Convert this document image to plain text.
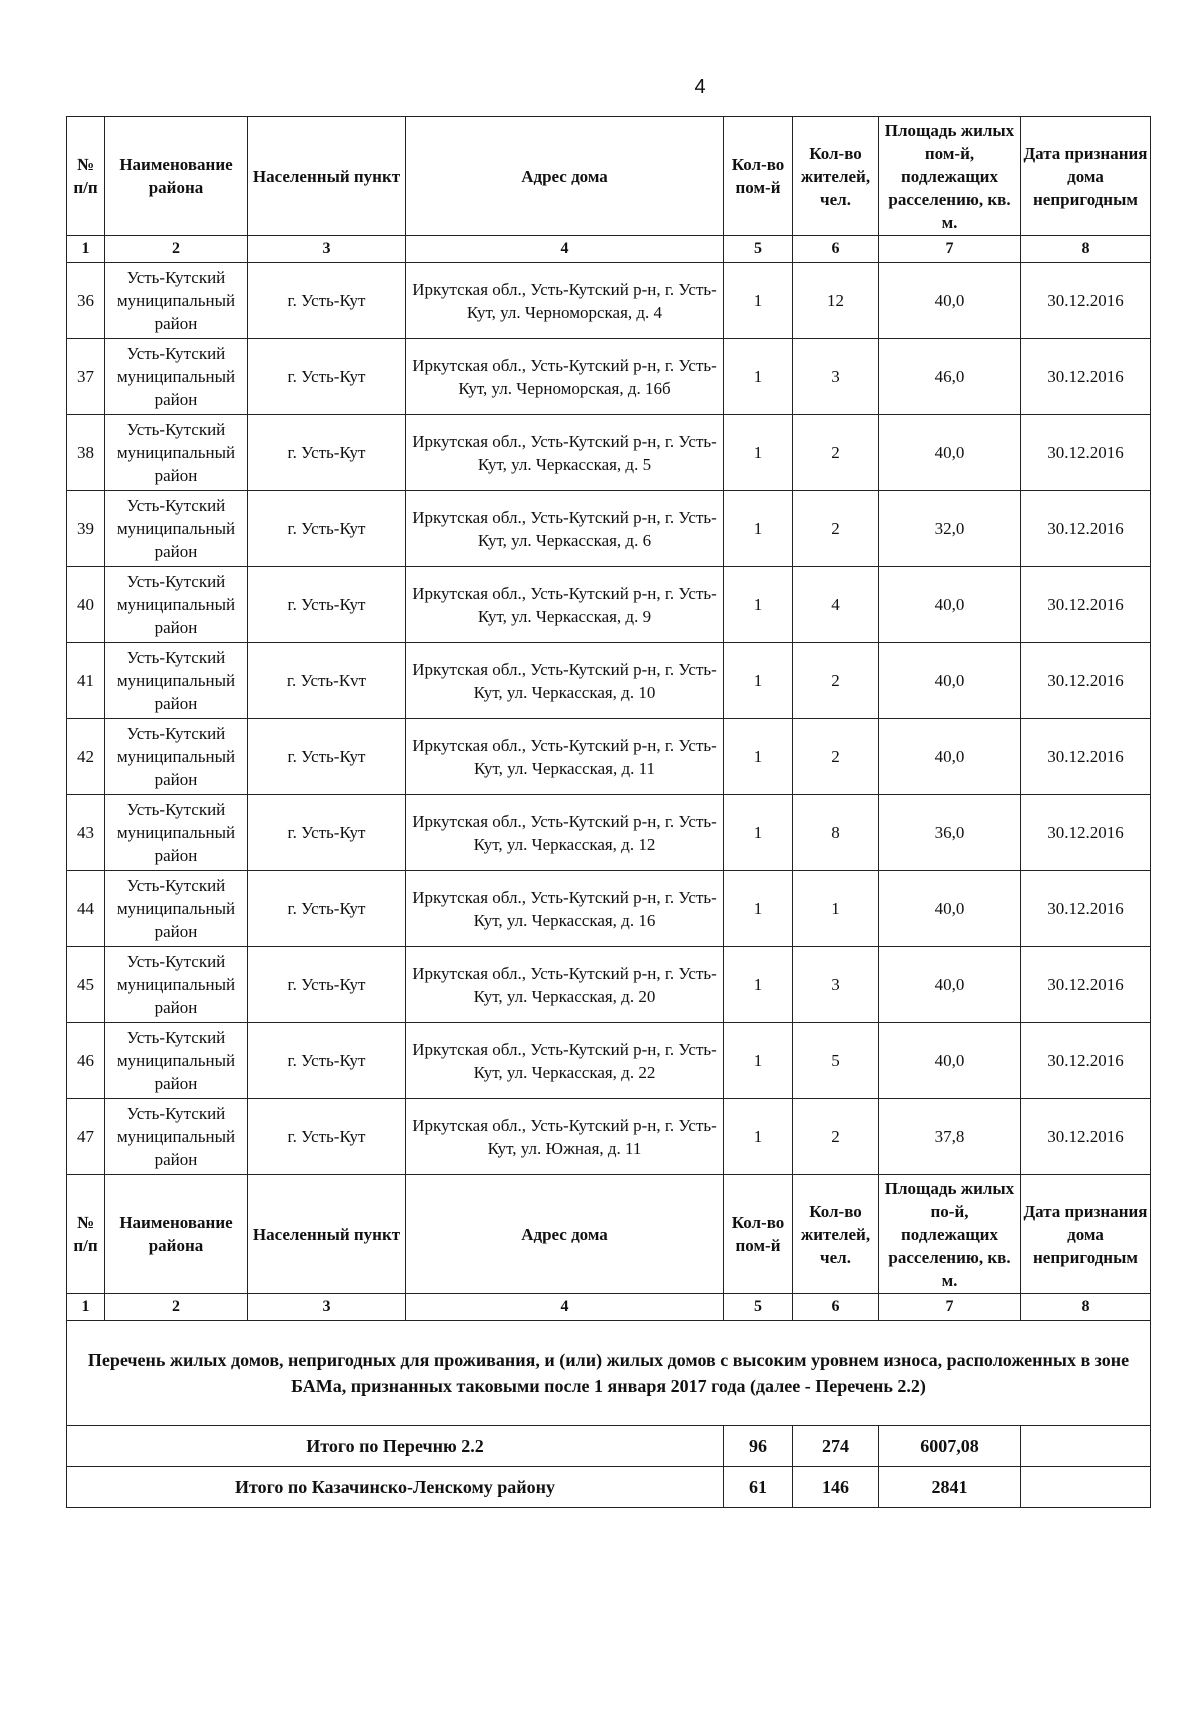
4
№ п/п	Наименование района	Населенный пункт	Адрес дома	Кол-во пом-й	Кол-во жителей, чел.	Площадь жилых пом-й, подлежащих расселению, кв. м.	Дата признания дома непригодным
1	2	3	4	5	6	7	8
36	Усть-Кутский муниципальный район	г. Усть-Кут	Иркутская обл., Усть-Кутский р-н, г. Усть-Кут, ул. Черноморская, д. 4	1	12	40,0	30.12.2016
37	Усть-Кутский муниципальный район	г. Усть-Кут	Иркутская обл., Усть-Кутский р-н, г. Усть-Кут, ул. Черноморская, д. 16б	1	3	46,0	30.12.2016
38	Усть-Кутский муниципальный район	г. Усть-Кут	Иркутская обл., Усть-Кутский р-н, г. Усть-Кут, ул. Черкасская, д. 5	1	2	40,0	30.12.2016
39	Усть-Кутский муниципальный район	г. Усть-Кут	Иркутская обл., Усть-Кутский р-н, г. Усть-Кут, ул. Черкасская, д. 6	1	2	32,0	30.12.2016
40	Усть-Кутский муниципальный район	г. Усть-Кут	Иркутская обл., Усть-Кутский р-н, г. Усть-Кут, ул. Черкасская, д. 9	1	4	40,0	30.12.2016
41	Усть-Кутский муниципальный район	г. Усть-Кvт	Иркутская обл., Усть-Кутский р-н, г. Усть-Кут, ул. Черкасская, д. 10	1	2	40,0	30.12.2016
42	Усть-Кутский муниципальный район	г. Усть-Кут	Иркутская обл., Усть-Кутский р-н, г. Усть-Кут, ул. Черкасская, д. 11	1	2	40,0	30.12.2016
43	Усть-Кутский муниципальный район	г. Усть-Кут	Иркутская обл., Усть-Кутский р-н, г. Усть-Кут, ул. Черкасская, д. 12	1	8	36,0	30.12.2016
44	Усть-Кутский муниципальный район	г. Усть-Кут	Иркутская обл., Усть-Кутский р-н, г. Усть-Кут, ул. Черкасская, д. 16	1	1	40,0	30.12.2016
45	Усть-Кутский муниципальный район	г. Усть-Кут	Иркутская обл., Усть-Кутский р-н, г. Усть-Кут, ул. Черкасская, д. 20	1	3	40,0	30.12.2016
46	Усть-Кутский муниципальный район	г. Усть-Кут	Иркутская обл., Усть-Кутский р-н, г. Усть-Кут, ул. Черкасская, д. 22	1	5	40,0	30.12.2016
47	Усть-Кутский муниципальный район	г. Усть-Кут	Иркутская обл., Усть-Кутский р-н, г. Усть-Кут, ул. Южная, д. 11	1	2	37,8	30.12.2016
№ п/п	Наименование района	Населенный пункт	Адрес дома	Кол-во пом-й	Кол-во жителей, чел.	Площадь жилых по-й, подлежащих расселению, кв. м.	Дата признания дома непригодным
1	2	3	4	5	6	7	8
Перечень жилых домов, непригодных для проживания, и (или) жилых домов с высоким уровнем износа, расположенных в зоне БАМа, признанных таковыми после 1 января 2017 года (далее - Перечень 2.2)							
Итого по Перечню 2.2				96	274	6007,08	
Итого по Казачинско-Ленскому району				61	146	2841	
